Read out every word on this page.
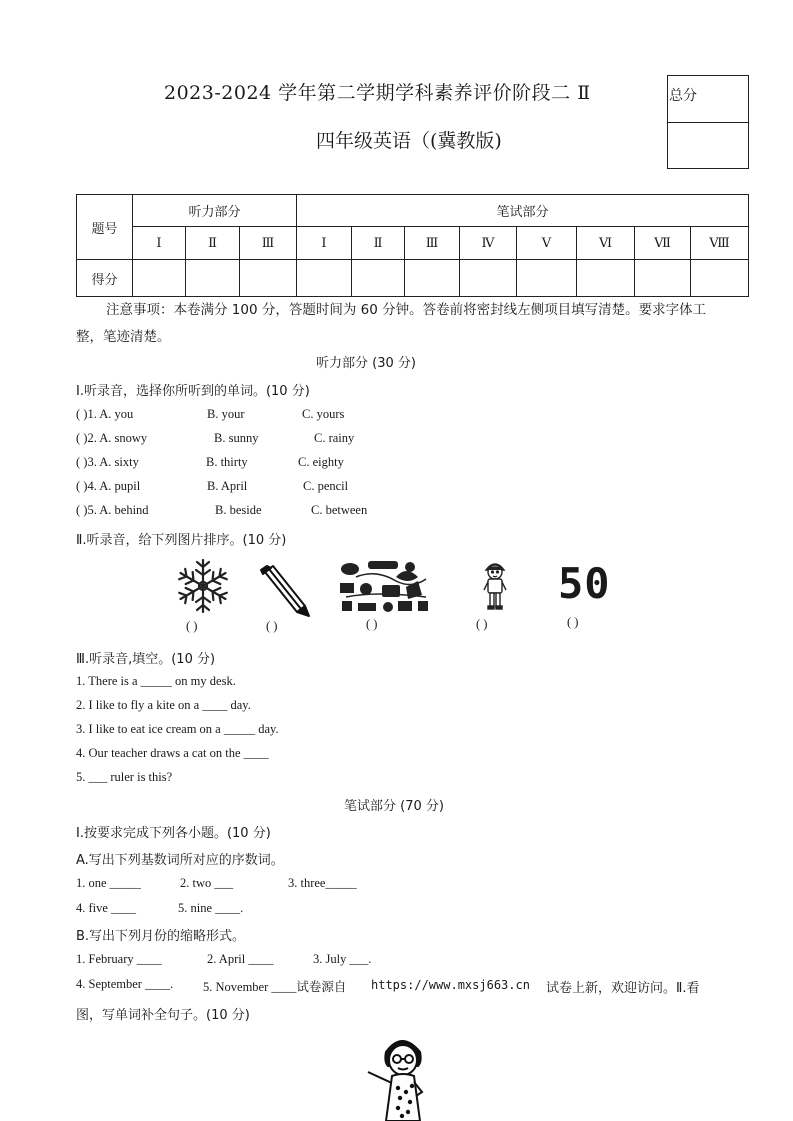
2023-2024 学年第二学期学科素养评价阶段二 Ⅱ
四年级英语（(冀教版)
总分
题号	听力部分			笔试部分							
	Ⅰ	Ⅱ	Ⅲ	Ⅰ	Ⅱ	Ⅲ	Ⅳ	Ⅴ	Ⅵ	Ⅶ	Ⅷ
得分											
注意事项：本卷满分 100 分，答题时间为 60 分钟。答卷前将密封线左侧项目填写清楚。要求字体工
整，笔迹清楚。
听力部分 (30 分)
Ⅰ.听录音，选择你所听到的单词。(10 分)
( )1. A. you	B. your	C. yours
( )2. A. snowy	B. sunny	C. rainy
( )3. A. sixty	B. thirty	C. eighty
( )4. A. pupil	B. April	C. pencil
( )5. A. behind	B. beside	C. between
Ⅱ.听录音，给下列图片排序。(10 分)
50
( )	( )	( )	( )	( )
Ⅲ.听录音,填空。(10 分)
1. There is a _____ on my desk.
2. I like to fly a kite on a ____ day.
3. I like to eat ice cream on a _____ day.
4. Our teacher draws a cat on the ____
5. ___ ruler is this?
笔试部分 (70 分)
Ⅰ.按要求完成下列各小题。(10 分)
A.写出下列基数词所对应的序数词。
1. one _____	2. two ___	3. three_____
4. five ____	5. nine ____.
B.写出下列月份的缩略形式。
1. February ____	2. April ____	3. July ___.
4. September ____. 5. November ____试卷源自 https://www.mxsj663.cn 试卷上新，欢迎访问。Ⅱ.看
图，写单词补全句子。(10 分)
